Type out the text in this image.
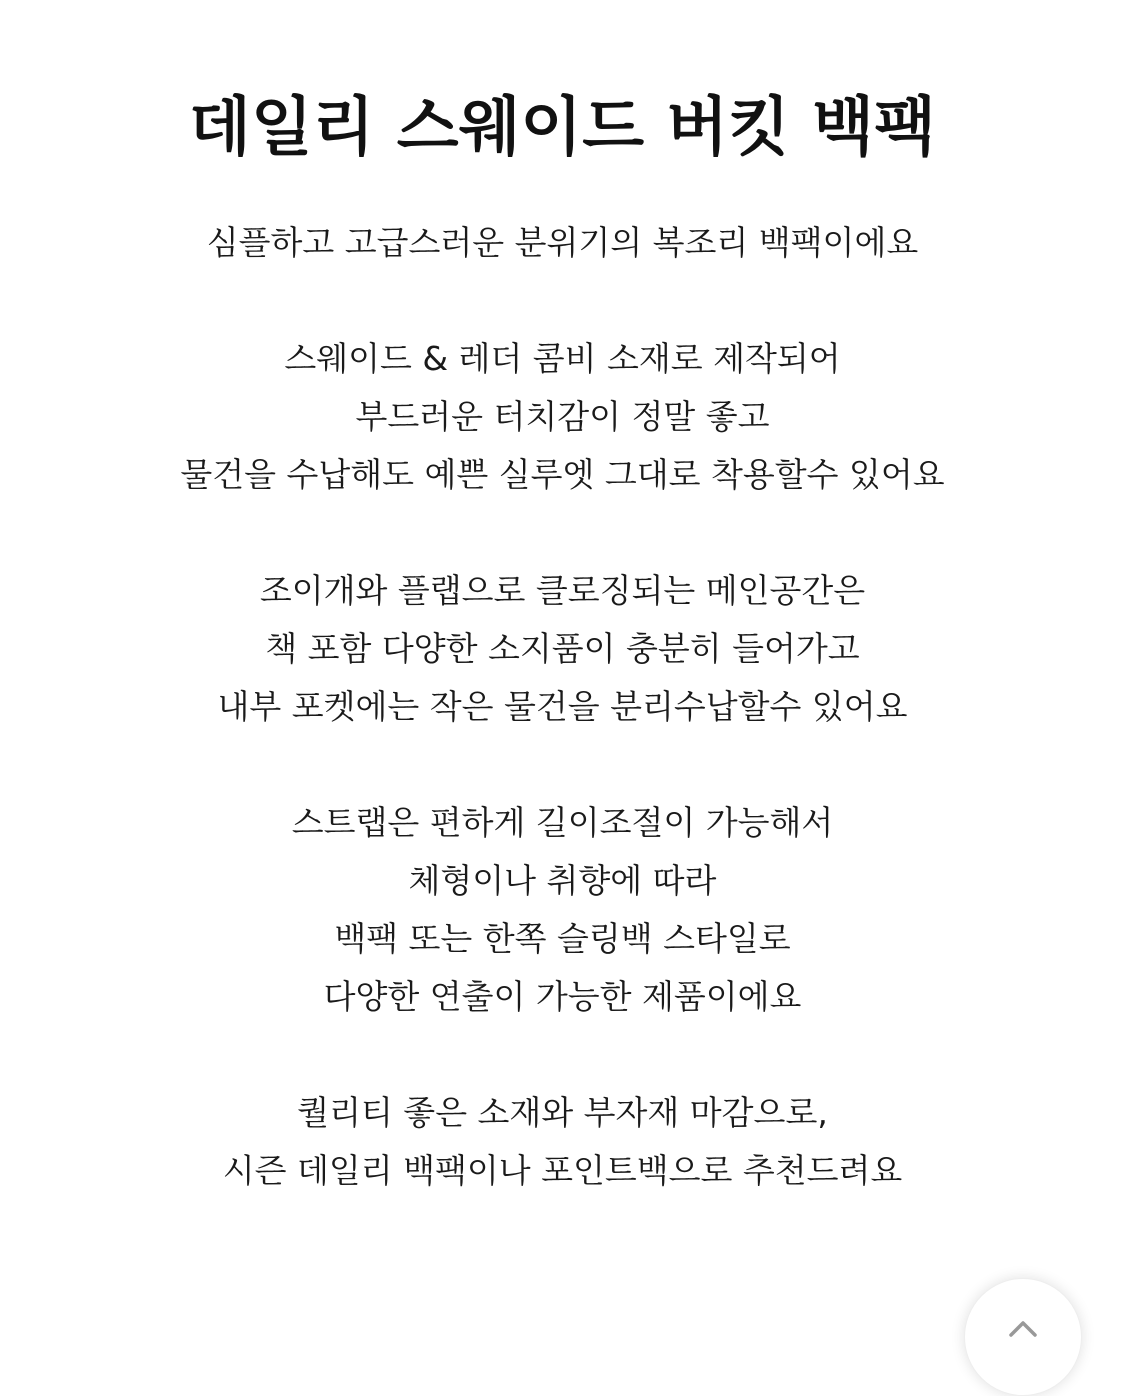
데일리 스웨이드 버킷 백팩

심플하고 고급스러운 분위기의 복조리 백팩이에요

스웨이드 & 레더 콤비 소재로 제작되어
부드러운 터치감이 정말 좋고
물건을 수납해도 예쁜 실루엣 그대로 착용할수 있어요

조이개와 플랩으로 클로징되는 메인공간은
책 포함 다양한 소지품이 충분히 들어가고
내부 포켓에는 작은 물건을 분리수납할수 있어요

스트랩은 편하게 길이조절이 가능해서
체형이나 취향에 따라
백팩 또는 한쪽 슬링백 스타일로
다양한 연출이 가능한 제품이에요

퀄리티 좋은 소재와 부자재 마감으로,
시즌 데일리 백팩이나 포인트백으로 추천드려요
